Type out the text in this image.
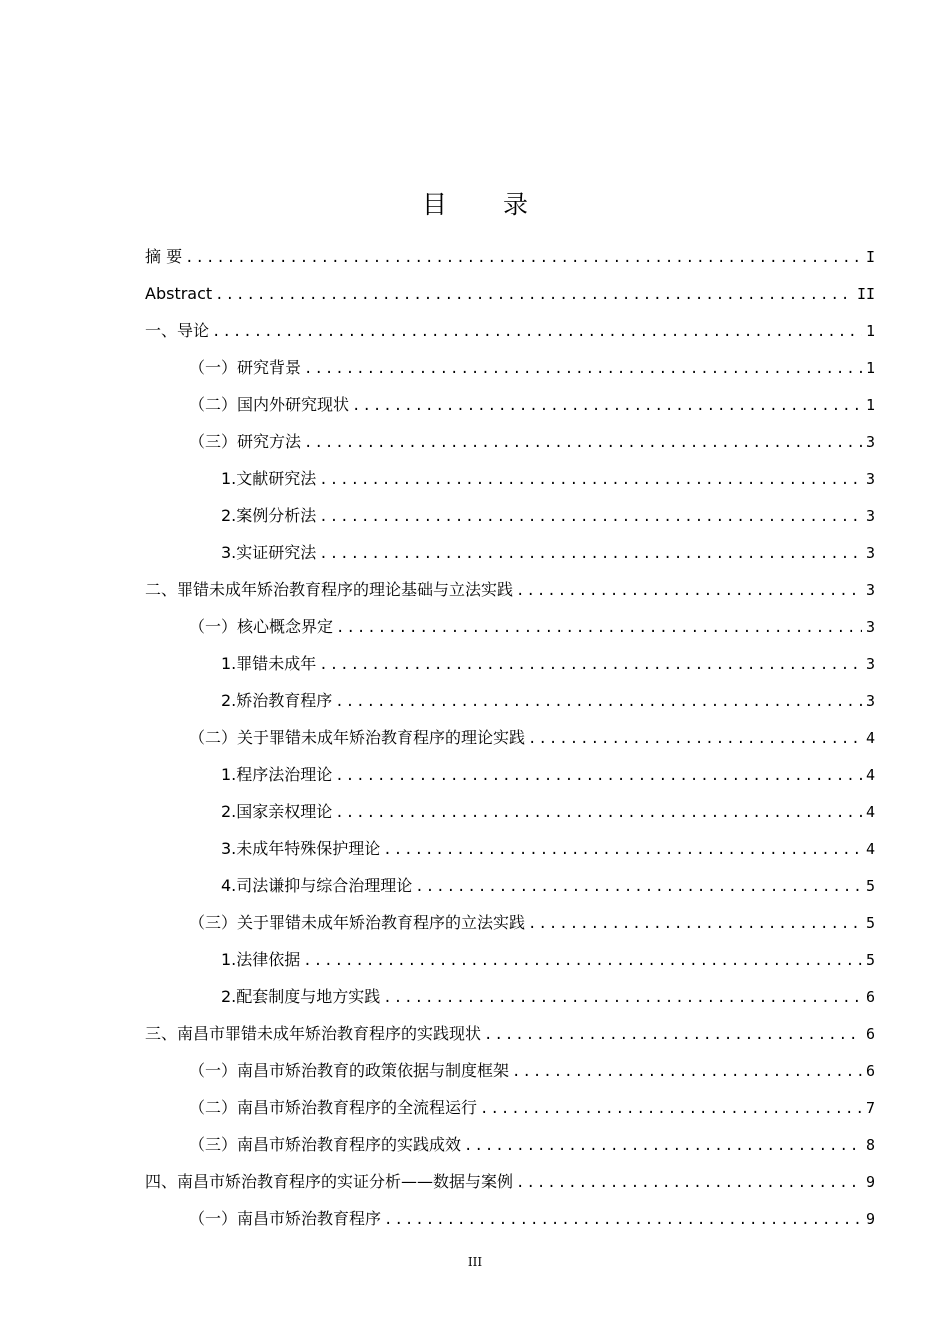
目 录
摘 要 .....	I
Abstract .....	II
一、导论 .....	1
（一）研究背景 .....	1
（二）国内外研究现状 .....	1
（三）研究方法 .....	3
1.文献研究法 .....	3
2.案例分析法 .....	3
3.实证研究法 .....	3
二、罪错未成年矫治教育程序的理论基础与立法实践 .....	3
（一）核心概念界定 .....	3
1.罪错未成年 .....	3
2.矫治教育程序 .....	3
（二）关于罪错未成年矫治教育程序的理论实践 .....	4
1.程序法治理论 .....	4
2.国家亲权理论 .....	4
3.未成年特殊保护理论 .....	4
4.司法谦抑与综合治理理论 .....	5
（三）关于罪错未成年矫治教育程序的立法实践 .....	5
1.法律依据 .....	5
2.配套制度与地方实践 .....	6
三、南昌市罪错未成年矫治教育程序的实践现状 .....	6
（一）南昌市矫治教育的政策依据与制度框架 .....	6
（二）南昌市矫治教育程序的全流程运行 .....	7
（三）南昌市矫治教育程序的实践成效 .....	8
四、南昌市矫治教育程序的实证分析——数据与案例 .....	9
（一）南昌市矫治教育程序 .....	9
III
